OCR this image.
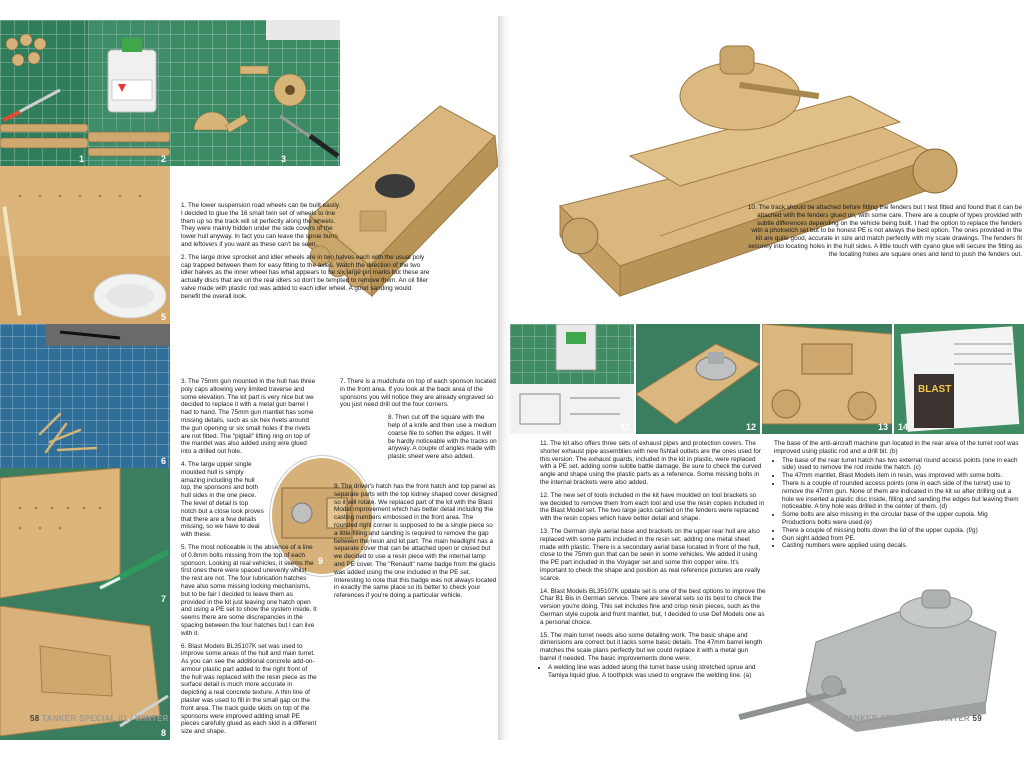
1	2	3
4
5
6
7
8
9

1. The lower suspension road wheels can be built easily. I decided to glue the 16 small twin set of wheels to line them up so the track will sit perfectly along the wheels. They were mainly hidden under the side covers of the lower hull anyway. In fact you can leave the sprue burrs and leftovers if you want as these can't be seen.

2. The large drive sprocket and idler wheels are in two halves each with the usual poly cap trapped between them for easy fitting to the axles. Watch the direction of the two idler halves as the inner wheel has what appears to be six large pin marks but these are actually discs that are on the real idlers so don't be tempted to remove them. An oil filler valve made with plastic rod was added to each idler wheel. A good sanding would benefit the overall look.

3. The 75mm gun mounted in the hull has three poly caps allowing very limited traverse and some elevation. The kit part is very nice but we decided to replace it with a metal gun barrel I had to hand. The 75mm gun mantlet has some missing details, such as six hex rivets around the gun opening or six small holes if the rivets are not fitted. The "pigtail" lifting ring on top of the mantlet was also added using wire glued into a drilled out hole.

4. The large upper single moulded hull is simply amazing including the hull top, the sponsons and both hull sides in the one piece. The level of detail is top notch but a close look proves that there are a few details missing, so we have to deal with these.

5. The most noticeable is the absence of a line of 0.8mm bolts missing from the top of each sponson. Looking at real vehicles, it seems the first ones there were spaced unevenly whilst the rest are not. The four lubrication hatches have also some missing locking mechanisms, but to be fair I decided to leave them as provided in the kit just leaving one hatch open and using a PE set to show the system inside. It seems there are some discrepancies in the spacing between the four hatches but I can live with it.

6. Blast Models BL35107K set was used to improve some areas of the hull and main turret. As you can see the additional concrete add-on-armour plastic part added to the right front of the hull was replaced with the resin piece as the surface detail is much more accurate in depicting a real concrete texture. A thin line of plaster was used to fill in the small gap on the front area. The track guide skids on top of the sponsons were improved adding small PE pieces carefully glued as each skid is a different size and shape.

7. There is a mudchute on top of each sponson located in the front area. If you look at the back area of the sponsons you will notice they are already engraved so you just need drill out the four corners.

8. Then cut off the square with the help of a knife and then use a medium coarse file to soften the edges. It will be hardly noticeable with the tracks on anyway. A couple of angles made with plastic sheet were also added.

9. The driver's hatch has the front hatch and top panel as separate parts with the top kidney shaped cover designed so it will rotate. We replaced part of the kit with the Blast Model improvement which has better detail including the casting numbers embossed in the front area. The rounded right corner is supposed to be a single piece so a little filling and sanding is required to remove the gap between the resin and kit part. The main headlight has a separate cover that can be attached open or closed but we decided to use a resin piece with the internal lamp and PE cover. The "Renault" name badge from the glacis was added using the one included in the PE set. Interesting to note that this badge was not always located in exactly the same place so its better to check your references if you're doing a particular vehicle.

58 TANKER SPECIAL 01 / WINTER
10

10. The track should be attached before fitting the fenders but I test fitted and found that it can be attached with the fenders glued on, with some care. There are a couple of types provided with subtle differences depending on the vehicle being built. I had the option to replace the fenders with a photoetch set but to be honest PE is not always the best option. The ones provided in the kit are quite good, accurate in size and match perfectly with my scale drawings. The fenders fit securely into locating holes in the hull sides. A little touch with cyano glue will secure the fitting as the locating holes are square ones and tend to push the fenders out.

11	12	13
BLAST
14

11. The kit also offers three sets of exhaust pipes and protection covers. The shorter exhaust pipe assemblies with new fishtail outlets are the ones used for this version. The exhaust guards, included in the kit in plastic, were replaced with a PE set, adding some subtle battle damage. Be sure to check the curved angle and shape using the plastic parts as a reference. Some missing bolts in the internal brackets were also added.

12. The new set of tools included in the kit have moulded on tool brackets so we decided to remove them from each tool and use the resin copies included in the Blast Model set. The two large jacks carried on the fenders were replaced with the resin copies which have better detail and shape.

13. The German style aerial base and brackets on the upper rear hull are also replaced with some parts included in the resin set, adding one metal sheet made with plastic. There is a secondary aerial base located in front of the hull, close to the 75mm gun that can be seen in some vehicles. We added it using the PE part included in the Voyager set and some thin copper wire. It's important to check the shape and position as real reference pictures are really scarce.

14. Blast Models BL35107K update set is one of the best options to improve the Char B1 Bis in German service. There are several sets so its best to check the version you're doing. This set includes fine and crisp resin pieces, such as the German style cupola and front mantlet, but, I decided to use Def Models one as a personal choice.

15. The main turret needs also some detailing work. The basic shape and dimensions are correct but it lacks some basic details. The 47mm barrel length matches the scale plans perfectly but we could replace it with a metal gun barrel if needed. The basic improvements done were:

• A welding line was added along the turret base using stretched sprue and Tamiya liquid glue. A toothpick was used to engrave the welding line. (a)

The base of the anti-aircraft machine gun located in the rear area of the turret roof was improved using plastic rod and a drill bit. (b)

• The base of the rear turret hatch has two external round access points (one in each side) used to remove the rod inside the hatch. (c)
• The 47mm mantlet, Blast Models item in resin, was improved with some bolts.
• There is a couple of rounded access points (one in each side of the turret) use to remove the 47mm gun. None of them are indicated in the kit so after drilling out a hole we inserted a plastic disc inside, filling and sanding the edges but leaving them noticeable. A tiny hole was drilled in the center of them. (d)
• Some bolts are also missing in the circular base of the upper cupola. Mig Productions bolts were used.(e)
• There a couple of missing bolts down the lid of the upper cupola. (f/g)
• Gun sight added from PE.
• Casting numbers were applied using decals.
15
TANKER SPECIAL 01 / WINTER 59
